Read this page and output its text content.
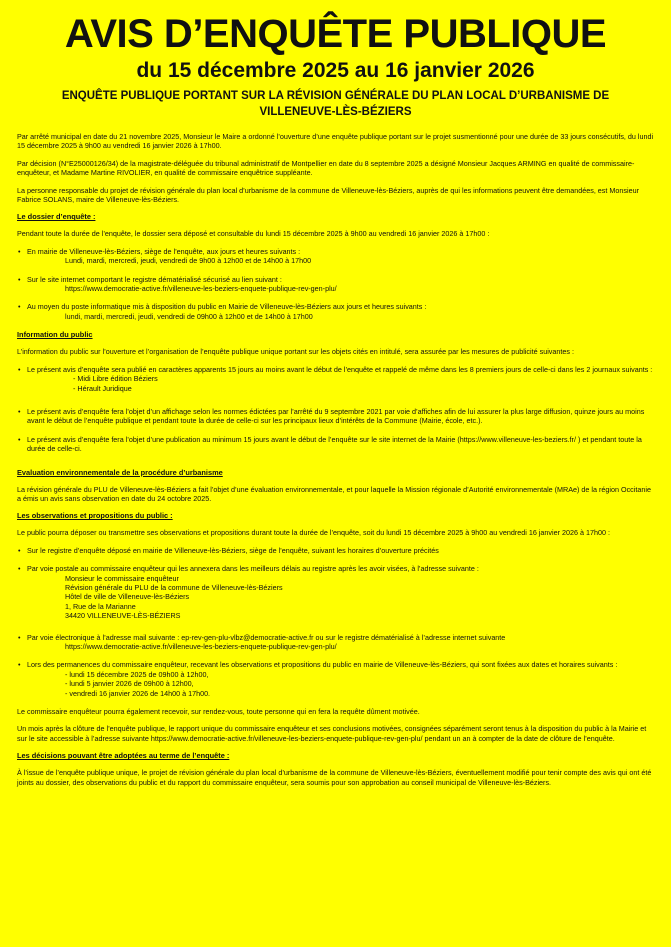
AVIS D’ENQUÊTE PUBLIQUE
du 15 décembre 2025 au 16 janvier 2026
ENQUÊTE PUBLIQUE PORTANT SUR LA RÉVISION GÉNÉRALE DU PLAN LOCAL D’URBANISME DE
VILLENEUVE-LÈS-BÉZIERS

Par arrêté municipal en date du 21 novembre 2025, Monsieur le Maire a ordonné l’ouverture d’une enquête publique portant sur le projet susmentionné pour une durée de 33 jours consécutifs, du lundi 15 décembre 2025 à 9h00 au vendredi 16 janvier 2026 à 17h00.

Par décision (N°E25000126/34) de la magistrate-déléguée du tribunal administratif de Montpellier en date du 8 septembre 2025 a désigné Monsieur Jacques ARMING en qualité de commissaire-enquêteur, et Madame Martine RIVOLIER, en qualité de commissaire enquêtrice suppléante.

La personne responsable du projet de révision générale du plan local d’urbanisme de la commune de Villeneuve-lès-Béziers, auprès de qui les informations peuvent être demandées, est Monsieur Fabrice SOLANS, maire de Villeneuve-lès-Béziers.

Le dossier d’enquête :

Pendant toute la durée de l’enquête, le dossier sera déposé et consultable du lundi 15 décembre 2025 à 9h00 au vendredi 16 janvier 2026 à 17h00 :

• En mairie de Villeneuve-lès-Béziers, siège de l’enquête, aux jours et heures suivants :
Lundi, mardi, mercredi, jeudi, vendredi de 9h00 à 12h00 et de 14h00 à 17h00
• Sur le site internet comportant le registre dématérialisé sécurisé au lien suivant :
https://www.democratie-active.fr/villeneuve-les-beziers-enquete-publique-rev-gen-plu/
• Au moyen du poste informatique mis à disposition du public en Mairie de Villeneuve-lès-Béziers aux jours et heures suivants :
lundi, mardi, mercredi, jeudi, vendredi de 09h00 à 12h00 et de 14h00 à 17h00
Information du public

L’information du public sur l’ouverture et l’organisation de l’enquête publique unique portant sur les objets cités en intitulé, sera assurée par les mesures de publicité suivantes :

• Le présent avis d’enquête sera publié en caractères apparents 15 jours au moins avant le début de l’enquête et rappelé de même dans les 8 premiers jours de celle-ci dans les 2 journaux suivants :
- Midi Libre édition Béziers
- Hérault Juridique
• Le présent avis d’enquête fera l’objet d’un affichage selon les normes édictées par l’arrêté du 9 septembre 2021 par voie d’affiches afin de lui assurer la plus large diffusion, quinze jours au moins avant le début de l’enquête publique et pendant toute la durée de celle-ci sur les principaux lieux d’intérêts de la Commune (Mairie, école, etc.).
• Le présent avis d’enquête fera l’objet d’une publication au minimum 15 jours avant le début de l’enquête sur le site internet de la Mairie (https://www.villeneuve-les-beziers.fr/ ) et pendant toute la durée de celle-ci.
Evaluation environnementale de la procédure d’urbanisme

La révision générale du PLU de Villeneuve-lès-Béziers a fait l’objet d’une évaluation environnementale, et pour laquelle la Mission régionale d’Autorité environnementale (MRAe) de la région Occitanie a émis un avis sans observation en date du 24 octobre 2025.

Les observations et propositions du public :

Le public pourra déposer ou transmettre ses observations et propositions durant toute la durée de l’enquête, soit du lundi 15 décembre 2025 à 9h00 au vendredi 16 janvier 2026 à 17h00 :

• Sur le registre d’enquête déposé en mairie de Villeneuve-lès-Béziers, siège de l’enquête, suivant les horaires d’ouverture précités
• Par voie postale au commissaire enquêteur qui les annexera dans les meilleurs délais au registre après les avoir visées, à l’adresse suivante :
Monsieur le commissaire enquêteur
Révision générale du PLU de la commune de Villeneuve-lès-Béziers
Hôtel de ville de Villeneuve-lès-Béziers
1, Rue de la Marianne
34420 VILLENEUVE-LÈS-BÉZIERS
• Par voie électronique à l’adresse mail suivante : ep-rev-gen-plu-vlbz@democratie-active.fr ou sur le registre dématérialisé à l’adresse internet suivante
https://www.democratie-active.fr/villeneuve-les-beziers-enquete-publique-rev-gen-plu/
• Lors des permanences du commissaire enquêteur, recevant les observations et propositions du public en mairie de Villeneuve-lès-Béziers, qui sont fixées aux dates et horaires suivants :
- lundi 15 décembre 2025 de 09h00 à 12h00,
- lundi 5 janvier 2026 de 09h00 à 12h00,
- vendredi 16 janvier 2026 de 14h00 à 17h00.

Le commissaire enquêteur pourra également recevoir, sur rendez-vous, toute personne qui en fera la requête dûment motivée.

Un mois après la clôture de l’enquête publique, le rapport unique du commissaire enquêteur et ses conclusions motivées, consignées séparément seront tenus à la disposition du public à la Mairie et sur le site accessible à l’adresse suivante https://www.democratie-active.fr/villeneuve-les-beziers-enquete-publique-rev-gen-plu/ pendant un an à compter de la date de clôture de l’enquête.

Les décisions pouvant être adoptées au terme de l’enquête :

À l’issue de l’enquête publique unique, le projet de révision générale du plan local d’urbanisme de la commune de Villeneuve-lès-Béziers, éventuellement modifié pour tenir compte des avis qui ont été joints au dossier, des observations du public et du rapport du commissaire enquêteur, sera soumis pour son approbation au conseil municipal de Villeneuve-lès-Béziers.
